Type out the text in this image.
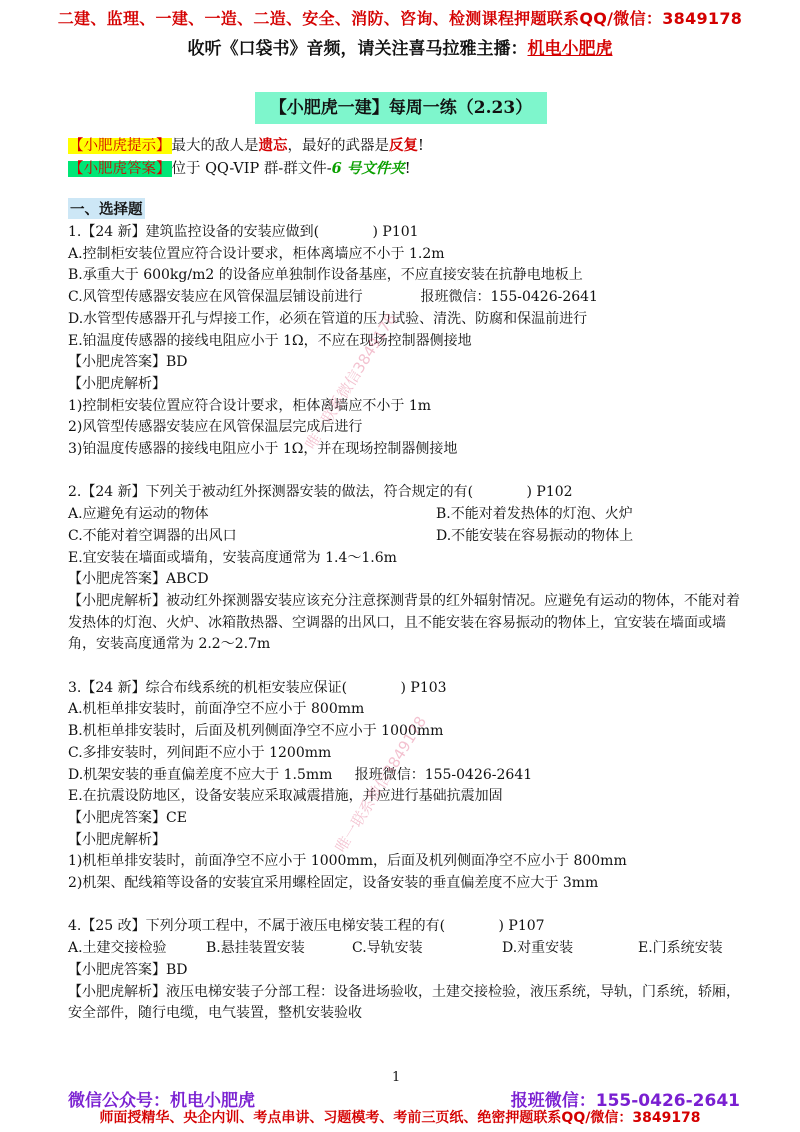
二建、监理、一建、一造、二造、安全、消防、咨询、检测课程押题联系QQ/微信：3849178
收听《口袋书》音频，请关注喜马拉雅主播：机电小肥虎
【小肥虎一建】每周一练（2.23）
【小肥虎提示】最大的敌人是遗忘，最好的武器是反复!
【小肥虎答案】位于 QQ-VIP 群-群文件-6 号文件夹!
一、选择题

1.【24 新】建筑监控设备的安装应做到(            ) P101

A.控制柜安装位置应符合设计要求，柜体离墙应不小于 1.2m

B.承重大于 600kg/m2 的设备应单独制作设备基座，不应直接安装在抗静电地板上

C.风管型传感器安装应在风管保温层铺设前进行             报班微信：155-0426-2641

D.水管型传感器开孔与焊接工作，必须在管道的压力试验、清洗、防腐和保温前进行

E.铂温度传感器的接线电阻应小于 1Ω，不应在现场控制器侧接地

【小肥虎答案】BD

【小肥虎解析】

1)控制柜安装位置应符合设计要求，柜体离墙应不小于 1m

2)风管型传感器安装应在风管保温层完成后进行

3)铂温度传感器的接线电阻应小于 1Ω，并在现场控制器侧接地

2.【24 新】下列关于被动红外探测器安装的做法，符合规定的有(            ) P102

A.应避免有运动的物体	B.不能对着发热体的灯泡、火炉
C.不能对着空调器的出风口	D.不能安装在容易振动的物体上

E.宜安装在墙面或墙角，安装高度通常为 1.4～1.6m

【小肥虎答案】ABCD

【小肥虎解析】被动红外探测器安装应该充分注意探测背景的红外辐射情况。应避免有运动的物体，不能对着发热体的灯泡、火炉、冰箱散热器、空调器的出风口，且不能安装在容易振动的物体上，宜安装在墙面或墙角，安装高度通常为 2.2～2.7m

3.【24 新】综合布线系统的机柜安装应保证(            ) P103

A.机柜单排安装时，前面净空不应小于 800mm

B.机柜单排安装时，后面及机列侧面净空不应小于 1000mm

C.多排安装时，列间距不应小于 1200mm

D.机架安装的垂直偏差度不应大于 1.5mm     报班微信：155-0426-2641

E.在抗震设防地区，设备安装应采取减震措施，并应进行基础抗震加固

【小肥虎答案】CE

【小肥虎解析】

1)机柜单排安装时，前面净空不应小于 1000mm，后面及机列侧面净空不应小于 800mm

2)机架、配线箱等设备的安装宜采用螺栓固定，设备安装的垂直偏差度不应大于 3mm

4.【25 改】下列分项工程中，不属于液压电梯安装工程的有(            ) P107

A.土建交接检验	B.悬挂装置安装	C.导轨安装	D.对重安装	E.门系统安装

【小肥虎答案】BD

【小肥虎解析】液压电梯安装子分部工程：设备进场验收，土建交接检验，液压系统，导轨，门系统，轿厢，安全部件，随行电缆，电气装置，整机安装验收

唯一联系微信3849178
唯一联系微信3849178
1
微信公众号：机电小肥虎	报班微信：155-0426-2641
师面授精华、央企内训、考点串讲、习题模考、考前三页纸、绝密押题联系QQ/微信：3849178
